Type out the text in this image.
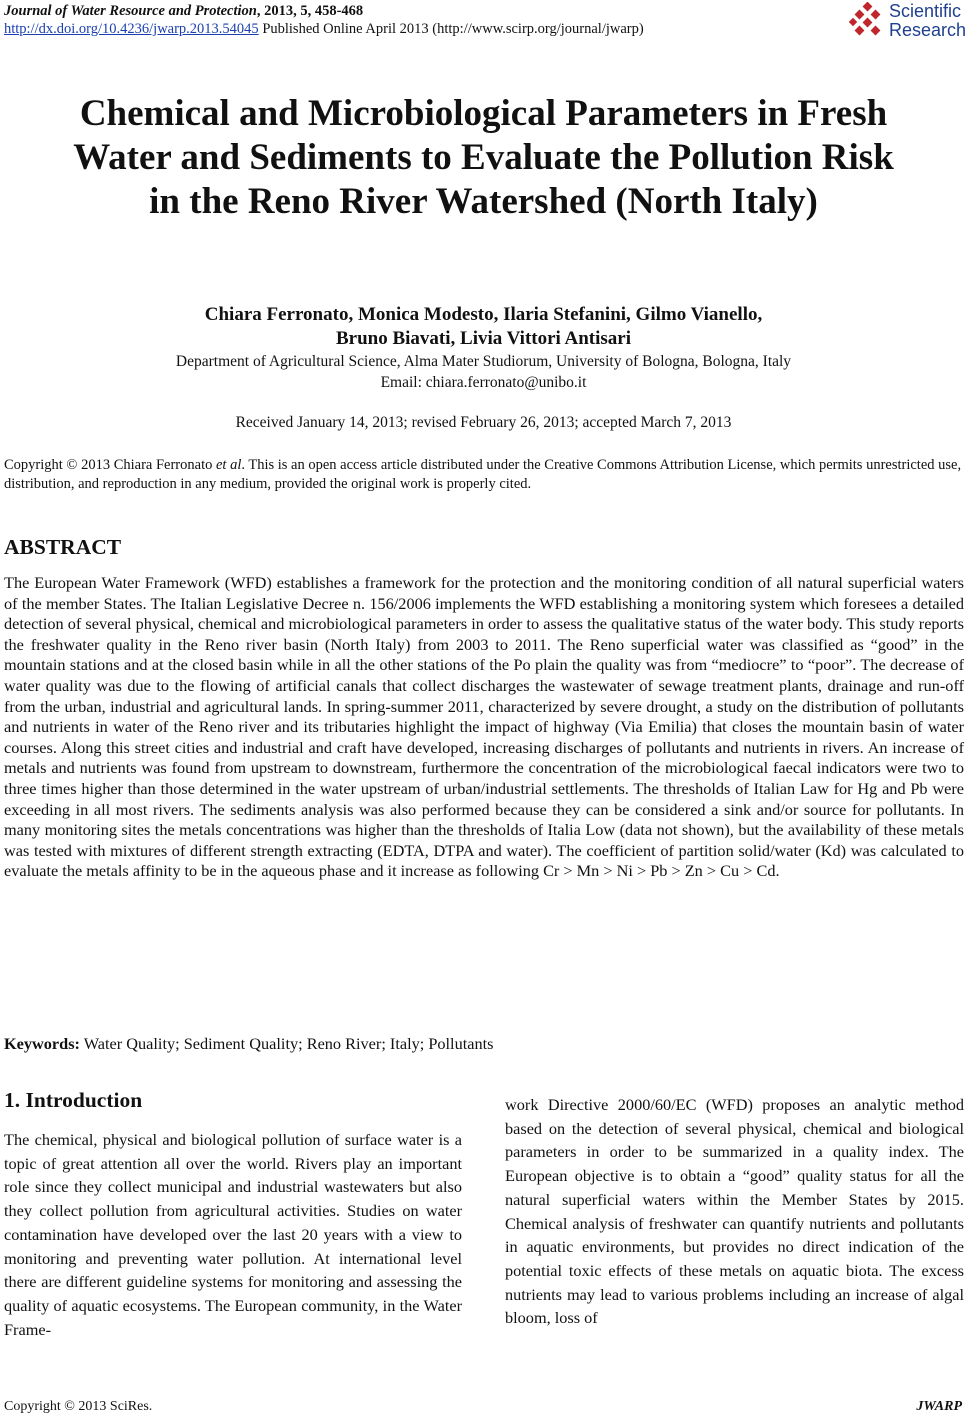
Journal of Water Resource and Protection, 2013, 5, 458-468
http://dx.doi.org/10.4236/jwarp.2013.54045 Published Online April 2013 (http://www.scirp.org/journal/jwarp)
Scientific
Research
Chemical and Microbiological Parameters in Fresh Water and Sediments to Evaluate the Pollution Risk in the Reno River Watershed (North Italy)
Chiara Ferronato, Monica Modesto, Ilaria Stefanini, Gilmo Vianello,
Bruno Biavati, Livia Vittori Antisari
Department of Agricultural Science, Alma Mater Studiorum, University of Bologna, Bologna, Italy
Email: chiara.ferronato@unibo.it
Received January 14, 2013; revised February 26, 2013; accepted March 7, 2013
Copyright © 2013 Chiara Ferronato et al. This is an open access article distributed under the Creative Commons Attribution License, which permits unrestricted use, distribution, and reproduction in any medium, provided the original work is properly cited.
ABSTRACT
The European Water Framework (WFD) establishes a framework for the protection and the monitoring condition of all natural superficial waters of the member States. The Italian Legislative Decree n. 156/2006 implements the WFD establishing a monitoring system which foresees a detailed detection of several physical, chemical and microbiological parameters in order to assess the qualitative status of the water body. This study reports the freshwater quality in the Reno river basin (North Italy) from 2003 to 2011. The Reno superficial water was classified as “good” in the mountain stations and at the closed basin while in all the other stations of the Po plain the quality was from “mediocre” to “poor”. The decrease of water quality was due to the flowing of artificial canals that collect discharges the wastewater of sewage treatment plants, drainage and run-off from the urban, industrial and agricultural lands. In spring-summer 2011, characterized by severe drought, a study on the distribution of pollutants and nutrients in water of the Reno river and its tributaries highlight the impact of highway (Via Emilia) that closes the mountain basin of water courses. Along this street cities and industrial and craft have developed, increasing discharges of pollutants and nutrients in rivers. An increase of metals and nutrients was found from upstream to downstream, furthermore the concentration of the microbiological faecal indicators were two to three times higher than those determined in the water upstream of urban/industrial settlements. The thresholds of Italian Law for Hg and Pb were exceeding in all most rivers. The sediments analysis was also performed because they can be considered a sink and/or source for pollutants. In many monitoring sites the metals concentrations was higher than the thresholds of Italia Low (data not shown), but the availability of these metals was tested with mixtures of different strength extracting (EDTA, DTPA and water). The coefficient of partition solid/water (Kd) was calculated to evaluate the metals affinity to be in the aqueous phase and it increase as following Cr > Mn > Ni > Pb > Zn > Cu > Cd.
Keywords: Water Quality; Sediment Quality; Reno River; Italy; Pollutants
1. Introduction
The chemical, physical and biological pollution of surface water is a topic of great attention all over the world. Rivers play an important role since they collect municipal and industrial wastewaters but also they collect pollution from agricultural activities. Studies on water contamination have developed over the last 20 years with a view to monitoring and preventing water pollution. At international level there are different guideline systems for monitoring and assessing the quality of aquatic ecosystems. The European community, in the Water Frame-
work Directive 2000/60/EC (WFD) proposes an analytic method based on the detection of several physical, chemical and biological parameters in order to be summarized in a quality index. The European objective is to obtain a “good” quality status for all the natural superficial waters within the Member States by 2015. Chemical analysis of freshwater can quantify nutrients and pollutants in aquatic environments, but provides no direct indication of the potential toxic effects of these metals on aquatic biota. The excess nutrients may lead to various problems including an increase of algal bloom, loss of
Copyright © 2013 SciRes.	JWARP
